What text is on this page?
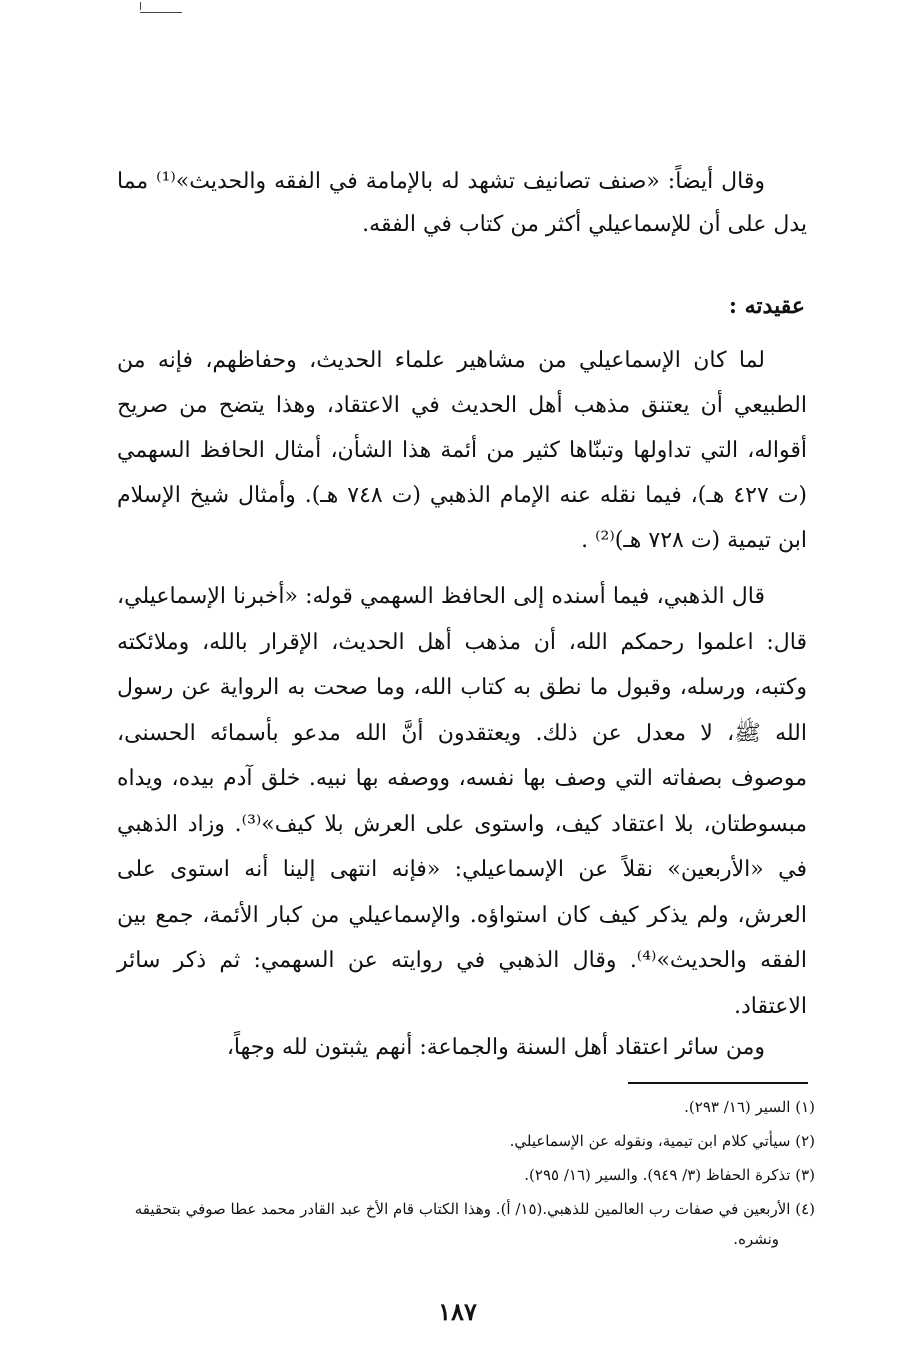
وقال أيضاً: «صنف تصانيف تشهد له بالإمامة في الفقه والحديث»⁽¹⁾ مما يدل على أن للإسماعيلي أكثر من كتاب في الفقه.

عقيدته :

لما كان الإسماعيلي من مشاهير علماء الحديث، وحفاظهم، فإنه من الطبيعي أن يعتنق مذهب أهل الحديث في الاعتقاد، وهذا يتضح من صريح أقواله، التي تداولها وتبنّاها كثير من أئمة هذا الشأن، أمثال الحافظ السهمي (ت ٤٢٧ هـ)، فيما نقله عنه الإمام الذهبي (ت ٧٤٨ هـ). وأمثال شيخ الإسلام ابن تيمية (ت ٧٢٨ هـ)⁽²⁾ .

قال الذهبي، فيما أسنده إلى الحافظ السهمي قوله: «أخبرنا الإسماعيلي، قال: اعلموا رحمكم الله، أن مذهب أهل الحديث، الإقرار بالله، وملائكته وكتبه، ورسله، وقبول ما نطق به كتاب الله، وما صحت به الرواية عن رسول الله ﷺ، لا معدل عن ذلك. ويعتقدون أنَّ الله مدعو بأسمائه الحسنى، موصوف بصفاته التي وصف بها نفسه، ووصفه بها نبيه. خلق آدم بيده، ويداه مبسوطتان، بلا اعتقاد كيف، واستوى على العرش بلا كيف»⁽³⁾. وزاد الذهبي في «الأربعين» نقلاً عن الإسماعيلي: «فإنه انتهى إلينا أنه استوى على العرش، ولم يذكر كيف كان استواؤه. والإسماعيلي من كبار الأئمة، جمع بين الفقه والحديث»⁽⁴⁾. وقال الذهبي في روايته عن السهمي: ثم ذكر سائر الاعتقاد.

ومن سائر اعتقاد أهل السنة والجماعة: أنهم يثبتون لله وجهاً،

(١) السير (١٦/ ٢٩٣).
(٢) سيأتي كلام ابن تيمية، ونقوله عن الإسماعيلي.
(٣) تذكرة الحفاظ (٣/ ٩٤٩). والسير (١٦/ ٢٩٥).
(٤) الأربعين في صفات رب العالمين للذهبي.(١٥/ أ). وهذا الكتاب قام الأخ عبد القادر محمد عطا صوفي بتحقيقه ونشره.
١٨٧
